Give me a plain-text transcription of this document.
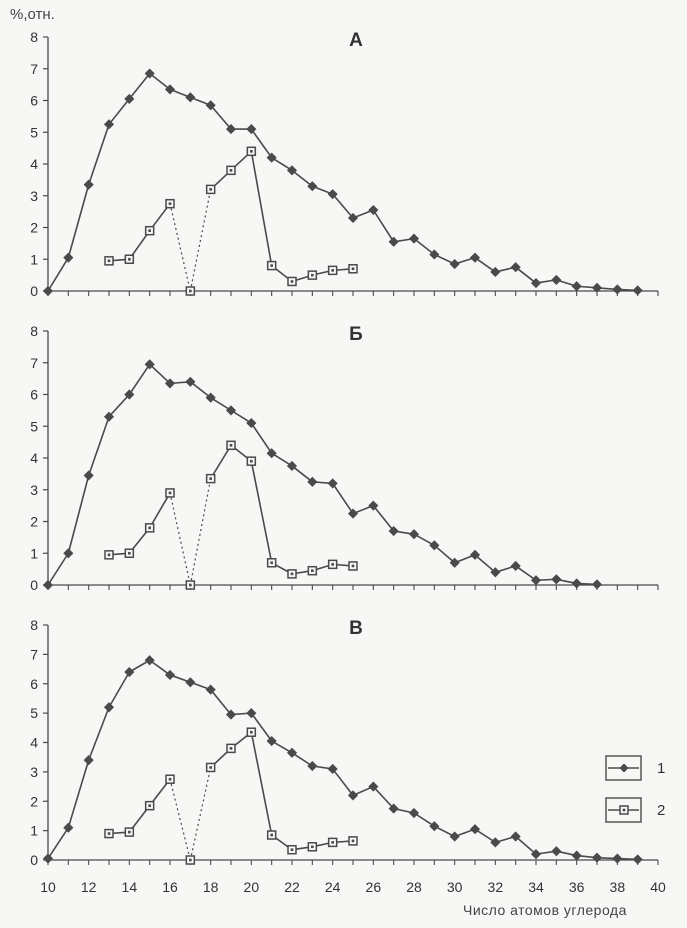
%,отн.
Число атомов углерода
0
1
2
3
4
5
6
7
8	А
0
1
2
3
4
5
6
7
8	Б
0
1
2
3
4
5
6
7
8
10 12 14 16 18 20 22 24 26 28 30 32 34 36 38 40
В
1
2
